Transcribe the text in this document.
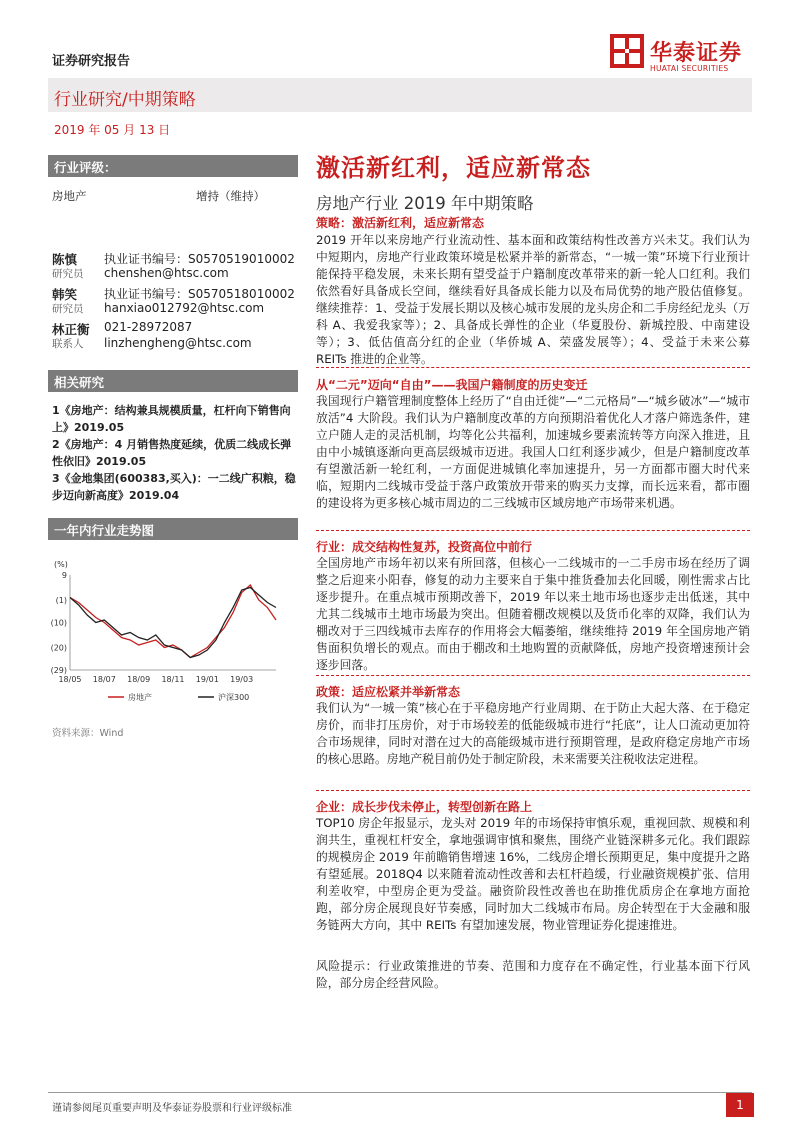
证券研究报告	华泰证券
HUATAI SECURITIES
行业研究/中期策略
2019 年 05 月 13 日
行业评级：
房地产	增持（维持）
陈慎
研究员
执业证书编号：S0570519010002
chenshen@htsc.com
韩笑
研究员
执业证书编号：S0570518010002
hanxiao012792@htsc.com
林正衡
联系人
021-28972087
linzhengheng@htsc.com
相关研究
1《房地产：结构兼具规模质量，杠杆向下销售向上》2019.05
2《房地产：4 月销售热度延续，优质二线成长弹性依旧》2019.05
3《金地集团(600383,买入)：一二线广积粮，稳步迈向新高度》2019.04
一年内行业走势图
(%)
9
(1)
(10)
(20)
(29)
18/05 18/07 18/09 18/11 19/01 19/03
房地产	沪深300
资料来源：Wind
激活新红利，适应新常态
房地产行业 2019 年中期策略
策略：激活新红利，适应新常态
2019 开年以来房地产行业流动性、基本面和政策结构性改善方兴未艾。我们认为中短期内，房地产行业政策环境是松紧并举的新常态，“一城一策”环境下行业预计能保持平稳发展，未来长期有望受益于户籍制度改革带来的新一轮人口红利。我们依然看好具备成长空间，继续看好具备成长能力以及布局优势的地产股估值修复。继续推荐：1、受益于发展长期以及核心城市发展的龙头房企和二手房经纪龙头（万科 A、我爱我家等）；2、具备成长弹性的企业（华夏股份、新城控股、中南建设等）；3、低估值高分红的企业（华侨城 A、荣盛发展等）；4、受益于未来公募 REITs 推进的企业等。
从“二元”迈向“自由”——我国户籍制度的历史变迁
我国现行户籍管理制度整体上经历了“自由迁徙”—“二元格局”—“城乡破冰”—“城市放活”4 大阶段。我们认为户籍制度改革的方向预期沿着优化人才落户筛选条件，建立户随人走的灵活机制，均等化公共福利，加速城乡要素流转等方向深入推进，且由中小城镇逐渐向更高层级城市迈进。我国人口红利逐步减少，但是户籍制度改革有望激活新一轮红利，一方面促进城镇化率加速提升，另一方面都市圈大时代来临，短期内二线城市受益于落户政策放开带来的购买力支撑，而长远来看，都市圈的建设将为更多核心城市周边的二三线城市区域房地产市场带来机遇。
行业：成交结构性复苏，投资高位中前行
全国房地产市场年初以来有所回落，但核心一二线城市的一二手房市场在经历了调整之后迎来小阳春，修复的动力主要来自于集中推货叠加去化回暖，刚性需求占比逐步提升。在重点城市预期改善下，2019 年以来土地市场也逐步走出低迷，其中尤其二线城市土地市场最为突出。但随着棚改规模以及货币化率的双降，我们认为棚改对于三四线城市去库存的作用将会大幅萎缩，继续维持 2019 年全国房地产销售面积负增长的观点。而由于棚改和土地购置的贡献降低，房地产投资增速预计会逐步回落。
政策：适应松紧并举新常态
我们认为“一城一策”核心在于平稳房地产行业周期、在于防止大起大落、在于稳定房价，而非打压房价，对于市场较差的低能级城市进行“托底”，让人口流动更加符合市场规律，同时对潜在过大的高能级城市进行预期管理，是政府稳定房地产市场的核心思路。房地产税目前仍处于制定阶段，未来需要关注税收法定进程。
企业：成长步伐未停止，转型创新在路上
TOP10 房企年报显示，龙头对 2019 年的市场保持审慎乐观，重视回款、规模和利润共生，重视杠杆安全，拿地强调审慎和聚焦，围绕产业链深耕多元化。我们跟踪的规模房企 2019 年前瞻销售增速 16%，二线房企增长预期更足，集中度提升之路有望延展。2018Q4 以来随着流动性改善和去杠杆趋缓，行业融资规模扩张、信用利差收窄，中型房企更为受益。融资阶段性改善也在助推优质房企在拿地方面抢跑，部分房企展现良好节奏感，同时加大二线城市布局。房企转型在于大金融和服务链两大方向，其中 REITs 有望加速发展，物业管理证券化提速推进。
风险提示：行业政策推进的节奏、范围和力度存在不确定性，行业基本面下行风险，部分房企经营风险。
谨请参阅尾页重要声明及华泰证券股票和行业评级标准	1
